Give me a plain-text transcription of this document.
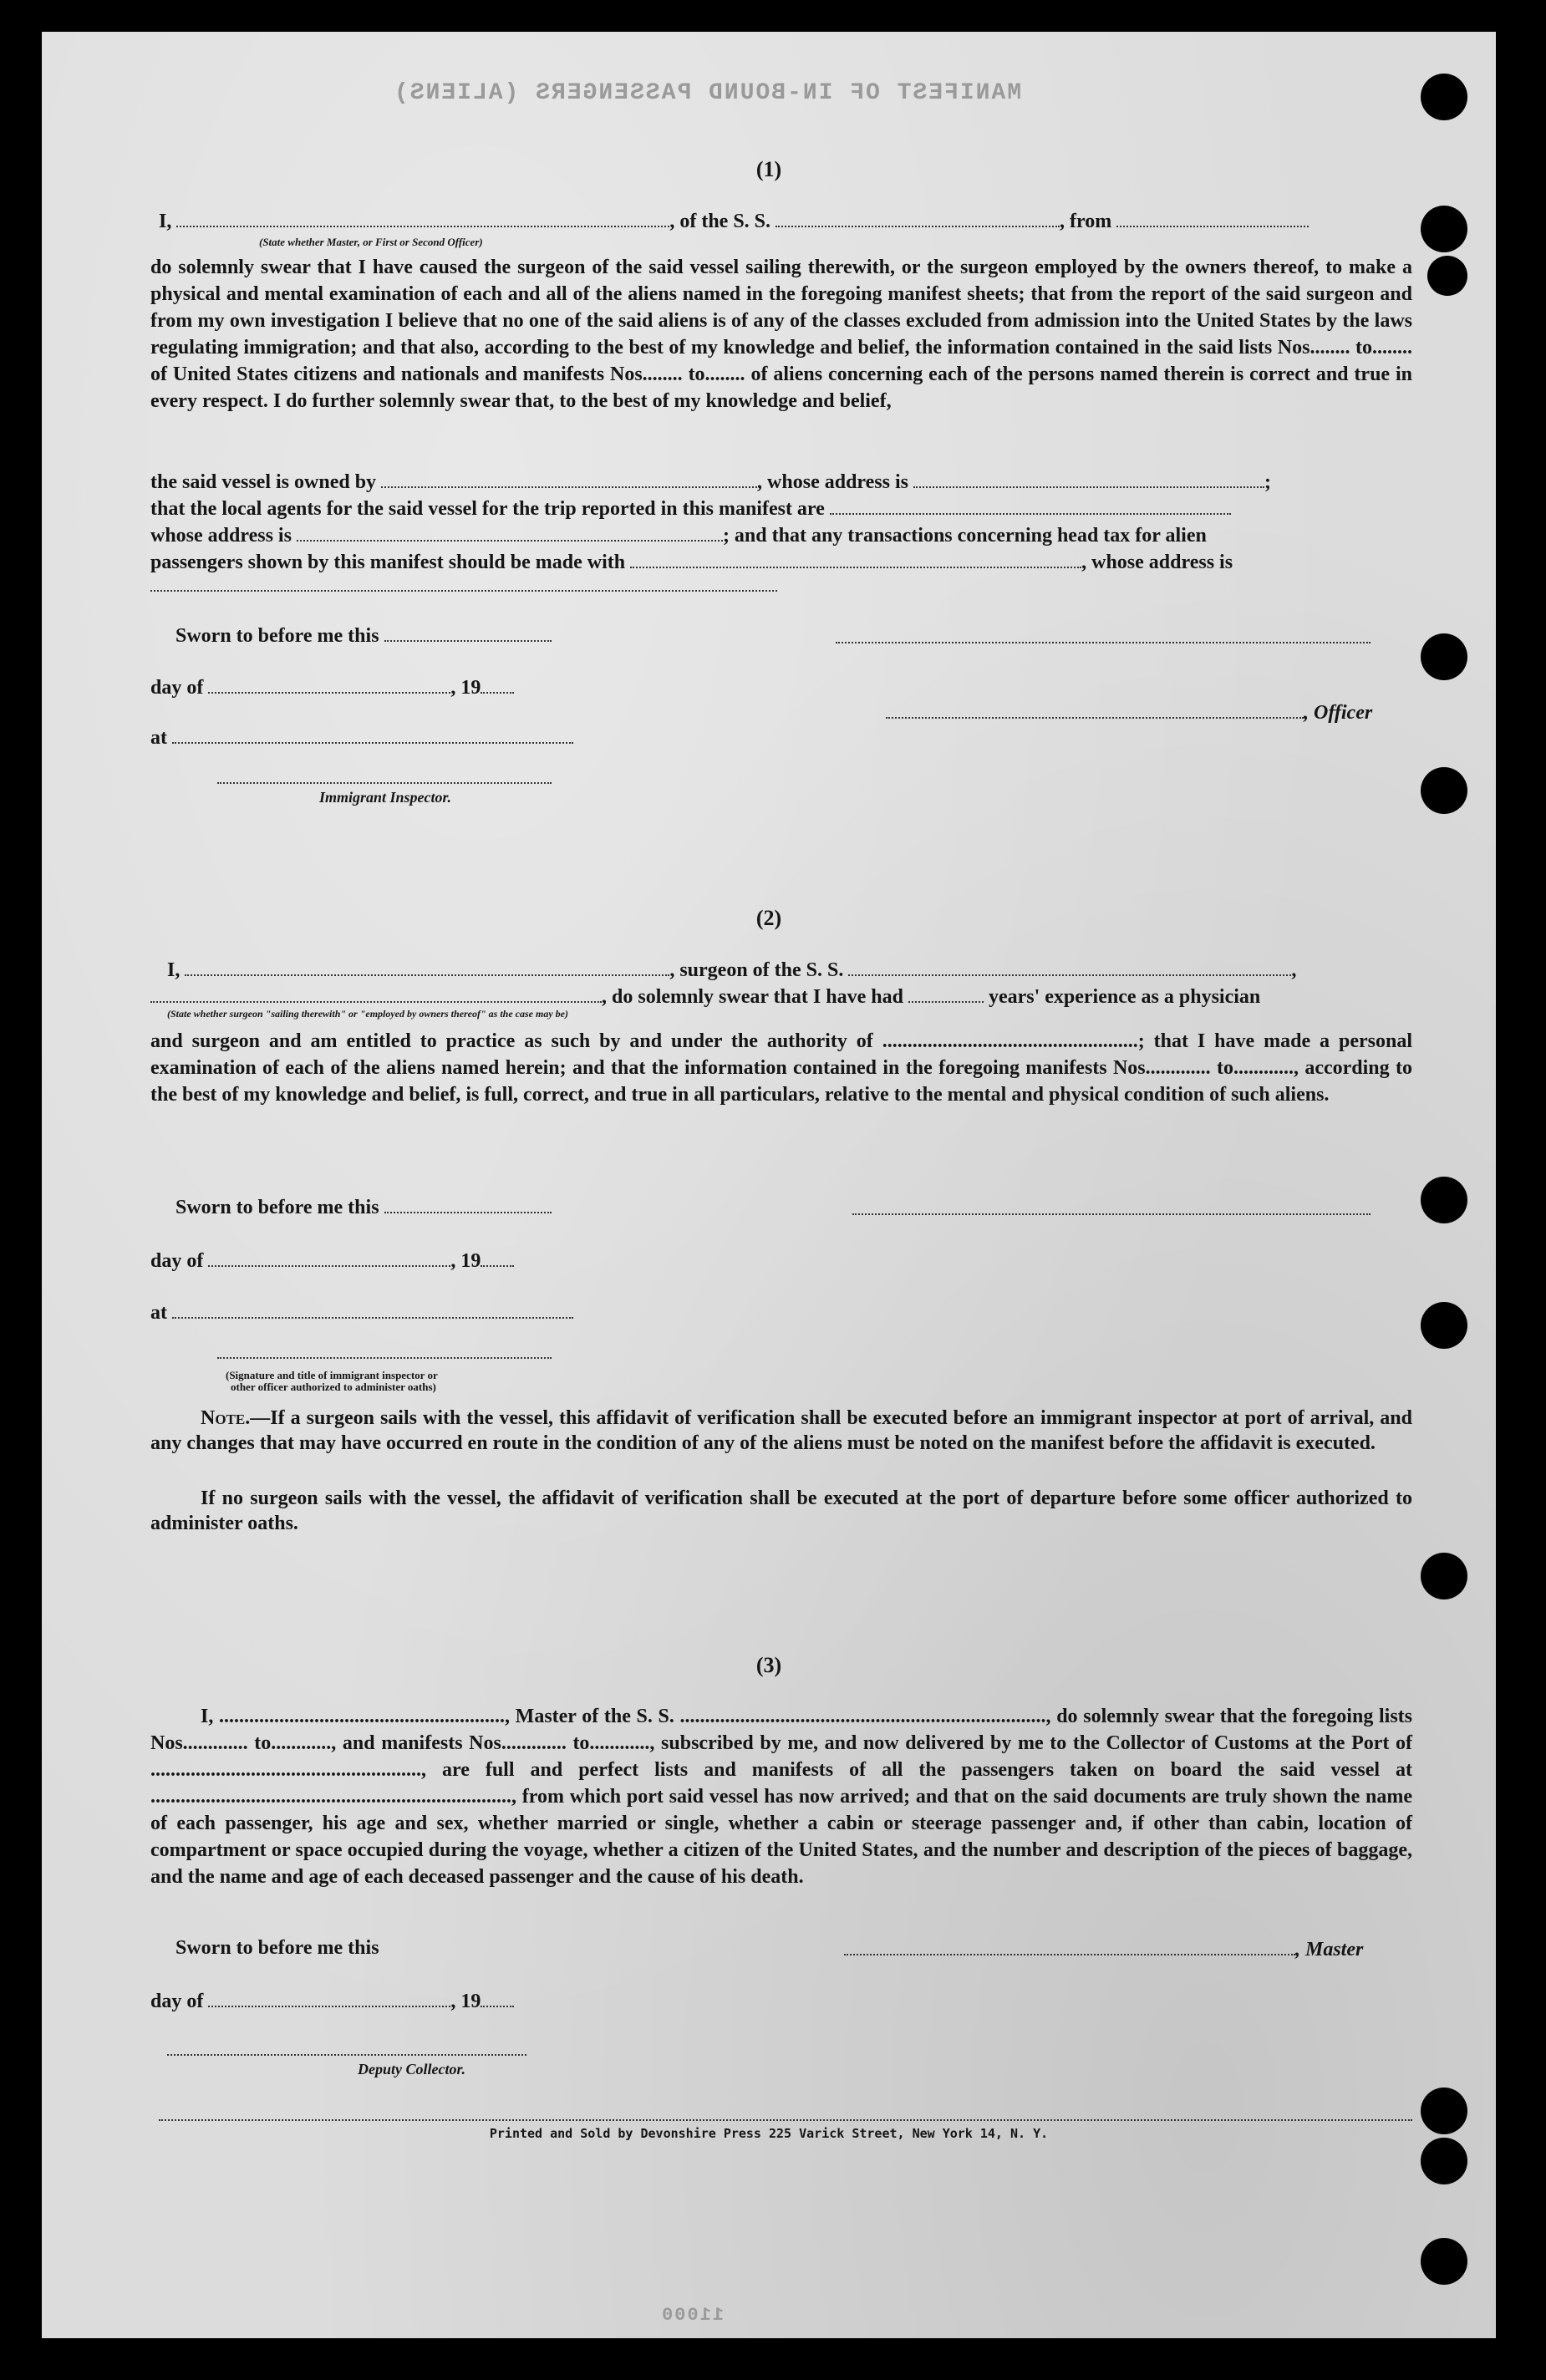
MANIFEST OF IN-BOUND PASSENGERS (ALIENS)
(1)
I,	, of the S. S.	, from
(State whether Master, or First or Second Officer)
do solemnly swear that I have caused the surgeon of the said vessel sailing therewith, or the surgeon employed by the owners thereof, to make a physical and mental examination of each and all of the aliens named in the foregoing manifest sheets; that from the report of the said surgeon and from my own investigation I believe that no one of the said aliens is of any of the classes excluded from admission into the United States by the laws regulating immigration; and that also, according to the best of my knowledge and belief, the information contained in the said lists Nos........ to........ of United States citizens and nationals and manifests Nos........ to........ of aliens concerning each of the persons named therein is correct and true in every respect. I do further solemnly swear that, to the best of my knowledge and belief,
the said vessel is owned by	, whose address is	;
that the local agents for the said vessel for the trip reported in this manifest are
whose address is	; and that any transactions concerning head tax for alien
passengers shown by this manifest should be made with	, whose address is
Sworn to before me this
day of	, 19
, Officer
at
Immigrant Inspector.
(2)
I,	, surgeon of the S. S.	,
, do solemnly swear that I have had	years' experience as a physician
(State whether surgeon "sailing therewith" or "employed by owners thereof" as the case may be)
and surgeon and am entitled to practice as such by and under the authority of ...................................................; that I have made a personal examination of each of the aliens named herein; and that the information contained in the foregoing manifests Nos............. to............, according to the best of my knowledge and belief, is full, correct, and true in all particulars, relative to the mental and physical condition of such aliens.
Sworn to before me this
day of	, 19
at
(Signature and title of immigrant inspector or
other officer authorized to administer oaths)
Note.—If a surgeon sails with the vessel, this affidavit of verification shall be executed before an immigrant inspector at port of arrival, and any changes that may have occurred en route in the condition of any of the aliens must be noted on the manifest before the affidavit is executed.
If no surgeon sails with the vessel, the affidavit of verification shall be executed at the port of departure before some officer authorized to administer oaths.
(3)
I, ........................................................., Master of the S. S. ........................................................................., do solemnly swear that the foregoing lists Nos............. to............, and manifests Nos............. to............, subscribed by me, and now delivered by me to the Collector of Customs at the Port of ......................................................, are full and perfect lists and manifests of all the passengers taken on board the said vessel at ........................................................................, from which port said vessel has now arrived; and that on the said documents are truly shown the name of each passenger, his age and sex, whether married or single, whether a cabin or steerage passenger and, if other than cabin, location of compartment or space occupied during the voyage, whether a citizen of the United States, and the number and description of the pieces of baggage, and the name and age of each deceased passenger and the cause of his death.
Sworn to before me this	, Master
day of	, 19
Deputy Collector.
Printed and Sold by Devonshire Press 225 Varick Street, New York 14, N. Y.
11000
